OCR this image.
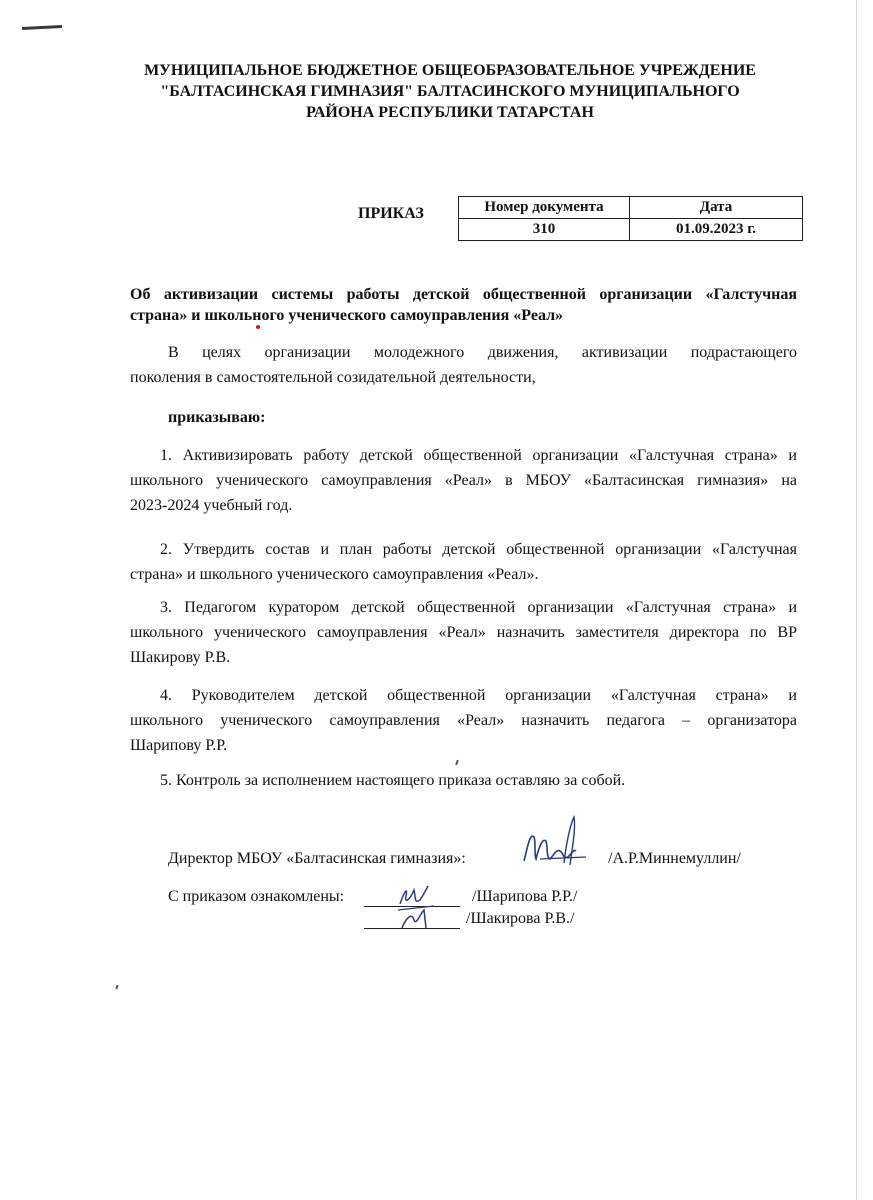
МУНИЦИПАЛЬНОЕ БЮДЖЕТНОЕ ОБЩЕОБРАЗОВАТЕЛЬНОЕ УЧРЕЖДЕНИЕ
"БАЛТАСИНСКАЯ ГИМНАЗИЯ" БАЛТАСИНСКОГО МУНИЦИПАЛЬНОГО
РАЙОНА РЕСПУБЛИКИ ТАТАРСТАН
ПРИКАЗ	Номер документа	Дата
310	01.09.2023 г.
Об активизации системы работы детской общественной организации «Галстучная
страна» и школьного ученического самоуправления «Реал»
В целях организации молодежного движения, активизации подрастающего
поколения в самостоятельной созидательной деятельности,
приказываю:
1. Активизировать работу детской общественной организации «Галстучная страна» и
школьного ученического самоуправления «Реал» в МБОУ «Балтасинская гимназия» на
2023-2024 учебный год.
2. Утвердить состав и план работы детской общественной организации «Галстучная
страна» и школьного ученического самоуправления «Реал».
3. Педагогом куратором детской общественной организации «Галстучная страна» и
школьного ученического самоуправления «Реал» назначить заместителя директора по ВР
Шакирову Р.В.
4. Руководителем детской общественной организации «Галстучная страна» и
школьного ученического самоуправления «Реал» назначить педагога – организатора
Шарипову Р.Р.
5. Контроль за исполнением настоящего приказа оставляю за собой.
Директор МБОУ «Балтасинская гимназия»:	/А.Р.Миннемуллин/
С приказом ознакомлены:	/Шарипова Р.Р./
/Шакирова Р.В./
